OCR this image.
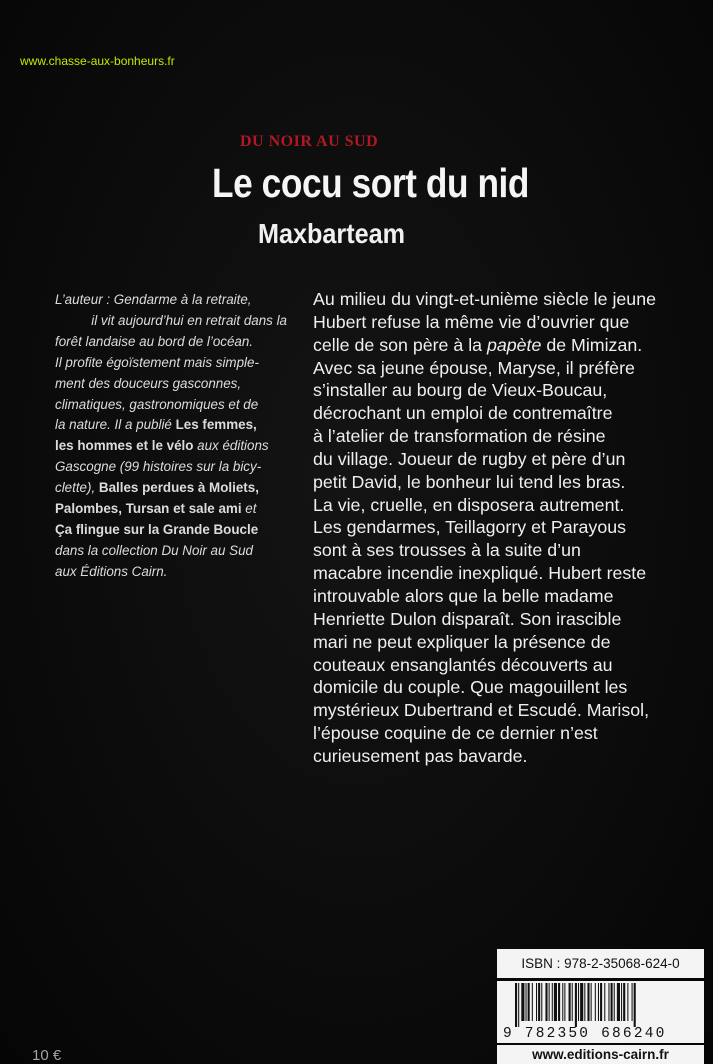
www.chasse-aux-bonheurs.fr
DU NOIR AU SUD
Le cocu sort du nid
Maxbarteam
L’auteur : Gendarme à la retraite,
il vit aujourd’hui en retrait dans la
forêt landaise au bord de l’océan.
Il profite égoïstement mais simple-
ment des douceurs gasconnes,
climatiques, gastronomiques et de
la nature. Il a publié Les femmes,
les hommes et le vélo aux éditions
Gascogne (99 histoires sur la bicy-
clette), Balles perdues à Moliets,
Palombes, Tursan et sale ami et
Ça flingue sur la Grande Boucle
dans la collection Du Noir au Sud
aux Éditions Cairn.
Au milieu du vingt-et-unième siècle le jeune
Hubert refuse la même vie d’ouvrier que
celle de son père à la papète de Mimizan.
Avec sa jeune épouse, Maryse, il préfère
s’installer au bourg de Vieux-Boucau,
décrochant un emploi de contremaître
à l’atelier de transformation de résine
du village. Joueur de rugby et père d’un
petit David, le bonheur lui tend les bras.
La vie, cruelle, en disposera autrement.
Les gendarmes, Teillagorry et Parayous
sont à ses trousses à la suite d’un
macabre incendie inexpliqué. Hubert reste
introuvable alors que la belle madame
Henriette Dulon disparaît. Son irascible
mari ne peut expliquer la présence de
couteaux ensanglantés découverts au
domicile du couple. Que magouillent les
mystérieux Dubertrand et Escudé. Marisol,
l’épouse coquine de ce dernier n’est
curieusement pas bavarde.
ISBN : 978-2-35068-624-0
9 782350 686240
www.editions-cairn.fr
10 €
